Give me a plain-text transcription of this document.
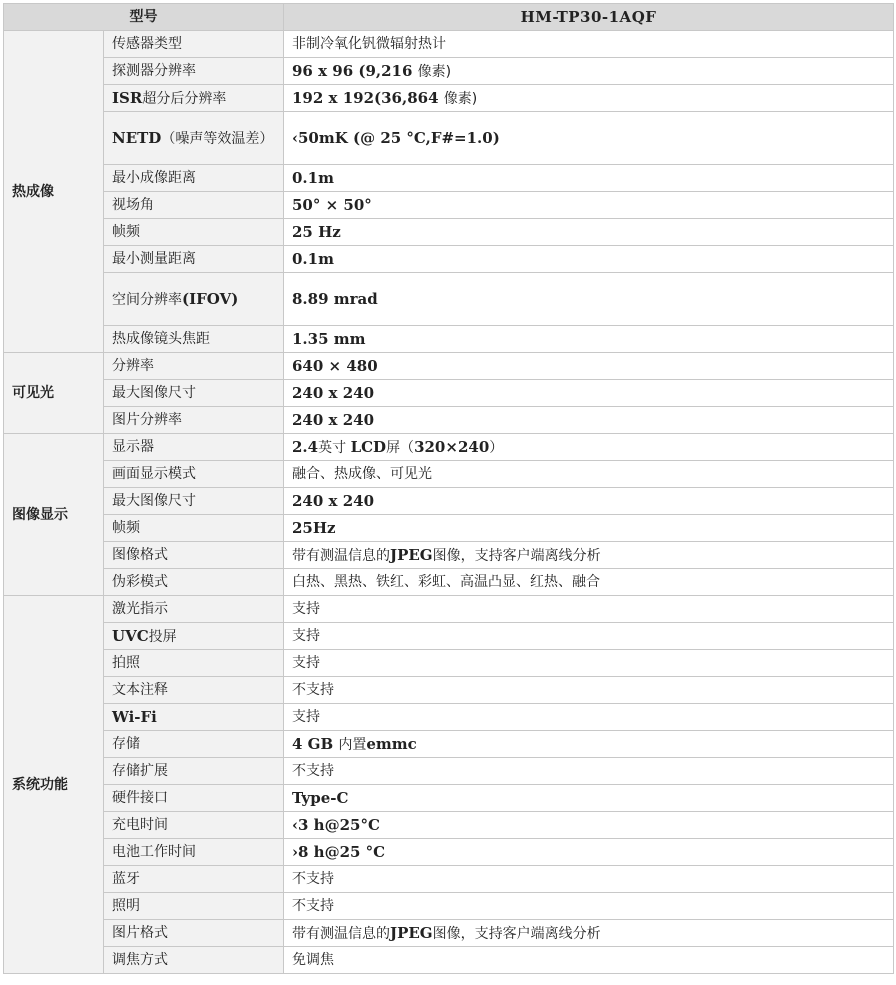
型号		HM-TP30-1AQF
热成像	传感器类型	非制冷氧化钒微辐射热计
	探测器分辨率	96 x 96 (9,216 像素)
	ISR超分后分辨率	192 x 192(36,864 像素)
	NETD（噪声等效温差）	‹50mK (@ 25 °C,F#=1.0)
	最小成像距离	0.1m
	视场角	50° × 50°
	帧频	25 Hz
	最小测量距离	0.1m
	空间分辨率(IFOV)	8.89 mrad
	热成像镜头焦距	1.35 mm
可见光	分辨率	640 × 480
	最大图像尺寸	240 x 240
	图片分辨率	240 x 240
图像显示	显示器	2.4英寸 LCD屏（320×240）
	画面显示模式	融合、热成像、可见光
	最大图像尺寸	240 x 240
	帧频	25Hz
	图像格式	带有测温信息的JPEG图像，支持客户端离线分析
	伪彩模式	白热、黑热、铁红、彩虹、高温凸显、红热、融合
系统功能	激光指示	支持
	UVC投屏	支持
	拍照	支持
	文本注释	不支持
	Wi-Fi	支持
	存储	4 GB 内置emmc
	存储扩展	不支持
	硬件接口	Type-C
	充电时间	‹3 h@25°C
	电池工作时间	›8 h@25 °C
	蓝牙	不支持
	照明	不支持
	图片格式	带有测温信息的JPEG图像，支持客户端离线分析
	调焦方式	免调焦
